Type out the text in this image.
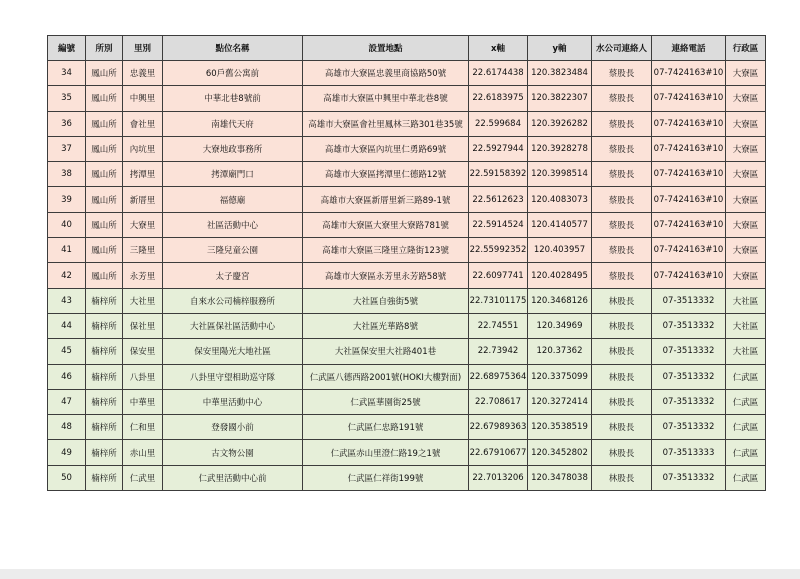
編號	所別	里別	點位名稱	設置地點	x軸	y軸	水公司連絡人	連絡電話	行政區
34	鳳山所	忠義里	60戶舊公寓前	高雄市大寮區忠義里商協路50號	22.6174438	120.3823484	蔡股長	07-7424163#10	大寮區
35	鳳山所	中興里	中華北巷8號前	高雄市大寮區中興里中華北巷8號	22.6183975	120.3822307	蔡股長	07-7424163#10	大寮區
36	鳳山所	會社里	南雄代天府	高雄市大寮區會社里鳳林三路301巷35號	22.599684	120.3926282	蔡股長	07-7424163#10	大寮區
37	鳳山所	內坑里	大寮地政事務所	高雄市大寮區內坑里仁勇路69號	22.5927944	120.3928278	蔡股長	07-7424163#10	大寮區
38	鳳山所	拷潭里	拷潭廟門口	高雄市大寮區拷潭里仁德路12號	22.59158392	120.3998514	蔡股長	07-7424163#10	大寮區
39	鳳山所	新厝里	福德廟	高雄市大寮區新厝里新三路89-1號	22.5612623	120.4083073	蔡股長	07-7424163#10	大寮區
40	鳳山所	大寮里	社區活動中心	高雄市大寮區大寮里大寮路781號	22.5914524	120.4140577	蔡股長	07-7424163#10	大寮區
41	鳳山所	三隆里	三隆兒童公園	高雄市大寮區三隆里立隆街123號	22.55992352	120.403957	蔡股長	07-7424163#10	大寮區
42	鳳山所	永芳里	太子慶宮	高雄市大寮區永芳里永芳路58號	22.6097741	120.4028495	蔡股長	07-7424163#10	大寮區
43	楠梓所	大社里	自來水公司楠梓服務所	大社區自強街5號	22.73101175	120.3468126	林股長	07-3513332	大社區
44	楠梓所	保社里	大社區保社區活動中心	大社區光華路8號	22.74551	120.34969	林股長	07-3513332	大社區
45	楠梓所	保安里	保安里陽光大地社區	大社區保安里大社路401巷	22.73942	120.37362	林股長	07-3513332	大社區
46	楠梓所	八卦里	八卦里守望相助巡守隊	仁武區八德西路2001號(HOKI大樓對面)	22.68975364	120.3375099	林股長	07-3513332	仁武區
47	楠梓所	中華里	中華里活動中心	仁武區華園街25號	22.708617	120.3272414	林股長	07-3513332	仁武區
48	楠梓所	仁和里	登發國小前	仁武區仁忠路191號	22.67989363	120.3538519	林股長	07-3513332	仁武區
49	楠梓所	赤山里	古文物公園	仁武區赤山里澄仁路19之1號	22.67910677	120.3452802	林股長	07-3513333	仁武區
50	楠梓所	仁武里	仁武里活動中心前	仁武區仁祥街199號	22.7013206	120.3478038	林股長	07-3513332	仁武區
